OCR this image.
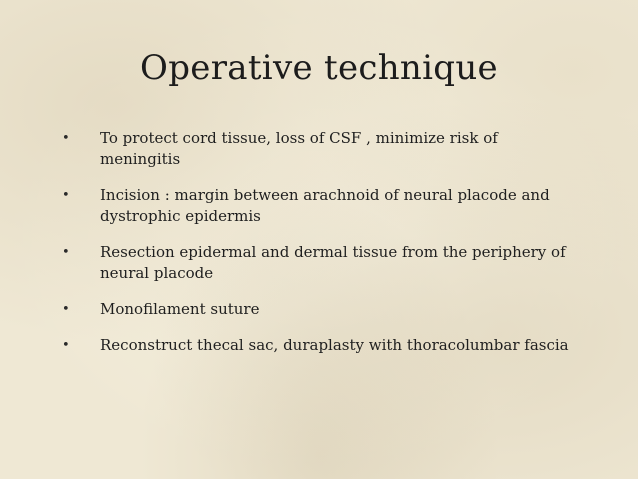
Operative technique
• To protect cord tissue, loss of CSF , minimize risk of meningitis
• Incision : margin between arachnoid of neural placode and dystrophic epidermis
• Resection epidermal and dermal tissue from the periphery of neural placode
• Monofilament suture
• Reconstruct thecal sac, duraplasty with thoracolumbar fascia
